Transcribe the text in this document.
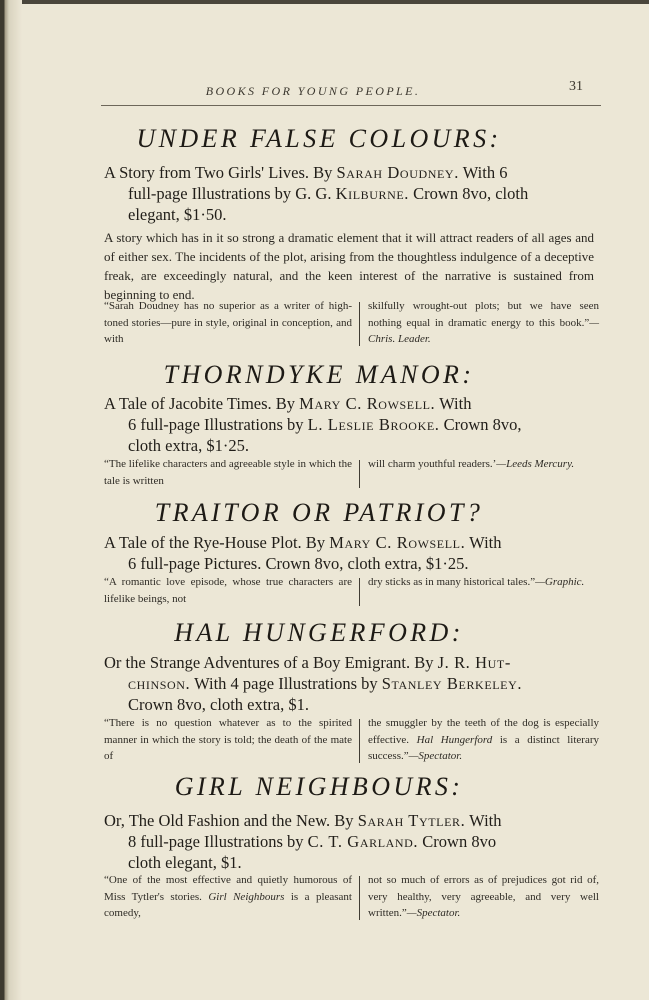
BOOKS FOR YOUNG PEOPLE.	31
UNDER FALSE COLOURS:
A Story from Two Girls' Lives. By Sarah Doudney. With 6
full-page Illustrations by G. G. Kilburne. Crown 8vo, cloth
elegant, $1·50.
A story which has in it so strong a dramatic element that it will attract readers of all ages and of either sex. The incidents of the plot, arising from the thoughtless indulgence of a deceptive freak, are exceedingly natural, and the keen interest of the narrative is sustained from beginning to end.
“Sarah Doudney has no superior as a writer of high-toned stories—pure in style, original in conception, and with
skilfully wrought-out plots; but we have seen nothing equal in dramatic energy to this book.”—Chris. Leader.
THORNDYKE MANOR:
A Tale of Jacobite Times. By Mary C. Rowsell. With
6 full-page Illustrations by L. Leslie Brooke. Crown 8vo,
cloth extra, $1·25.
“The lifelike characters and agreeable style in which the tale is written
will charm youthful readers.’—Leeds Mercury.
TRAITOR OR PATRIOT?
A Tale of the Rye-House Plot. By Mary C. Rowsell. With
6 full-page Pictures. Crown 8vo, cloth extra, $1·25.
“A romantic love episode, whose true characters are lifelike beings, not
dry sticks as in many historical tales.”—Graphic.
HAL HUNGERFORD:
Or the Strange Adventures of a Boy Emigrant. By J. R. Hut-
chinson. With 4 page Illustrations by Stanley Berkeley.
Crown 8vo, cloth extra, $1.
“There is no question whatever as to the spirited manner in which the story is told; the death of the mate of
the smuggler by the teeth of the dog is especially effective. Hal Hungerford is a distinct literary success.”—Spectator.
GIRL NEIGHBOURS:
Or, The Old Fashion and the New. By Sarah Tytler. With
8 full-page Illustrations by C. T. Garland. Crown 8vo
cloth elegant, $1.
“One of the most effective and quietly humorous of Miss Tytler's stories. Girl Neighbours is a pleasant comedy,
not so much of errors as of prejudices got rid of, very healthy, very agreeable, and very well written.”—Spectator.
